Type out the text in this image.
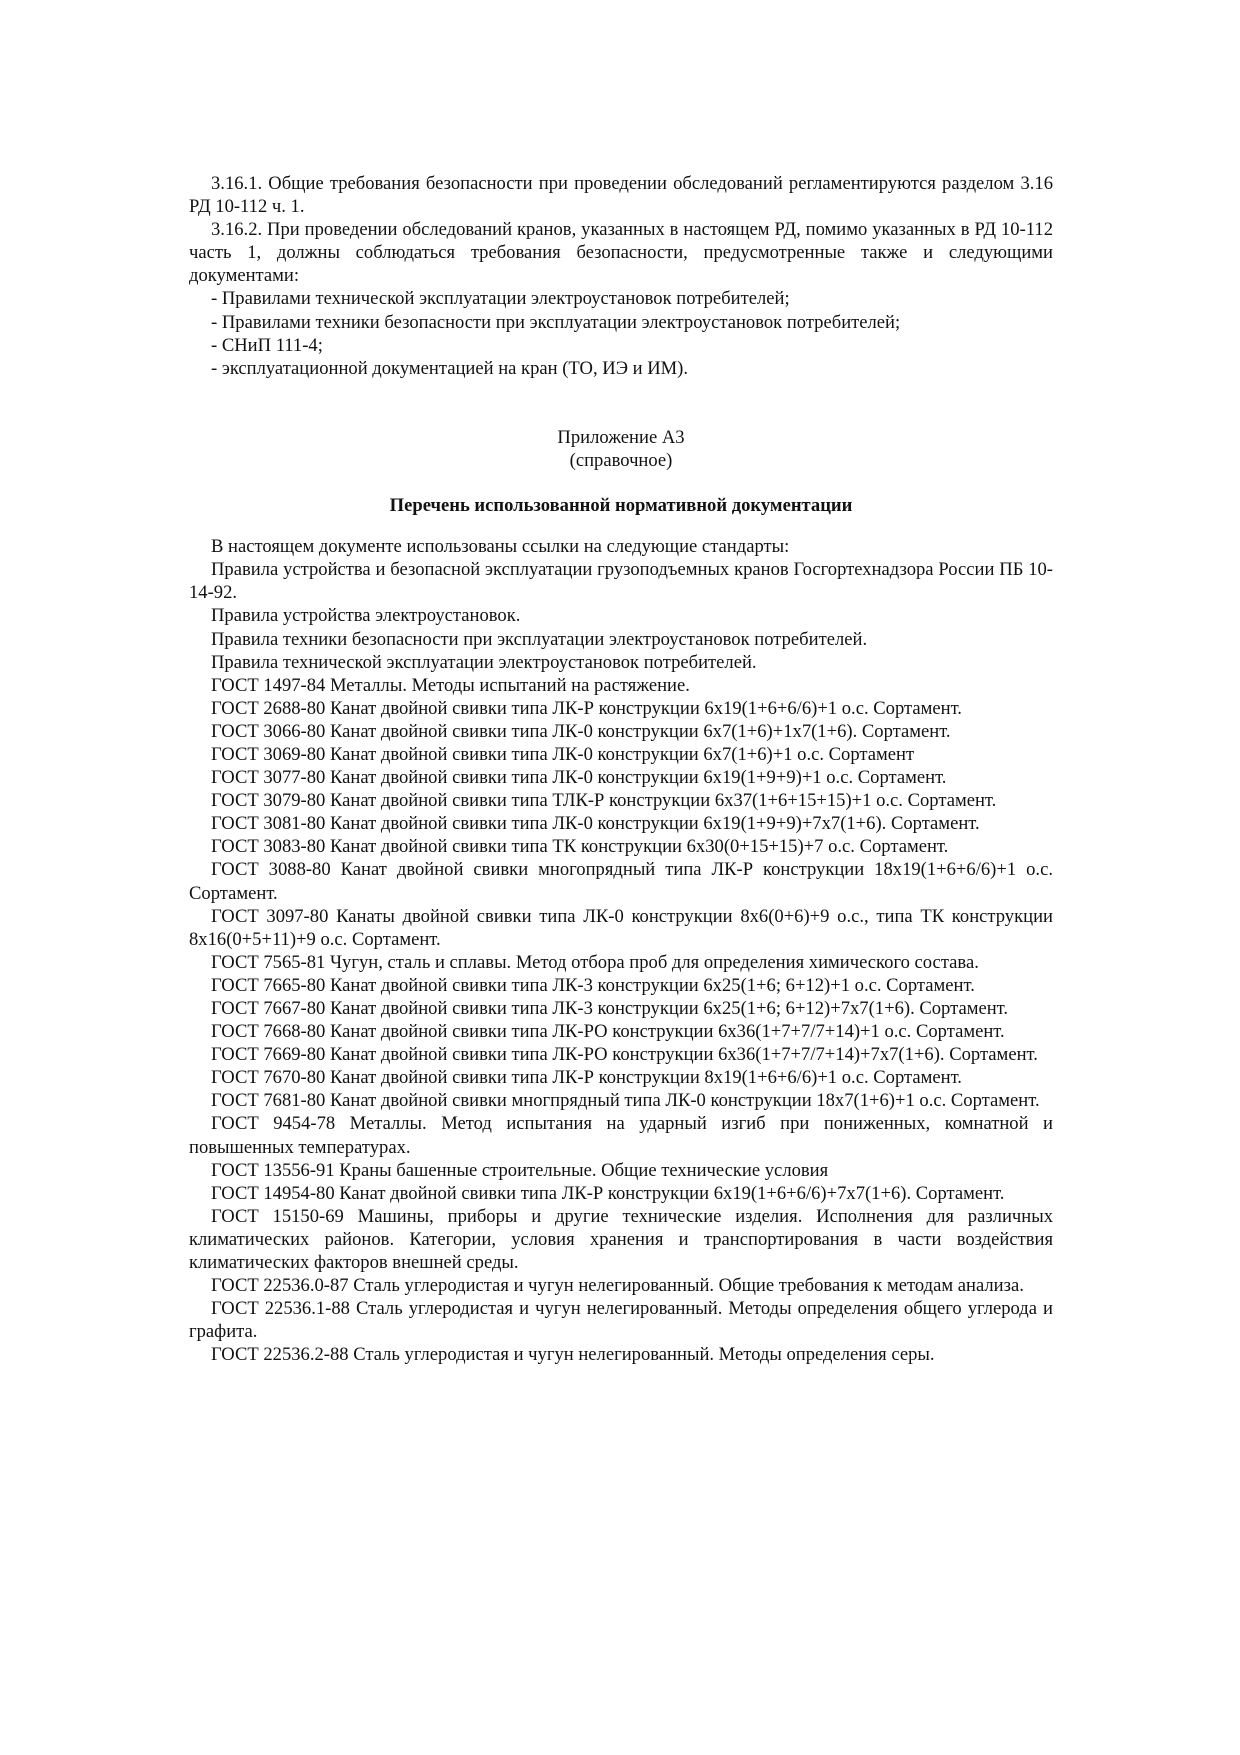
3.16.1. Общие требования безопасности при проведении обследований регламентируются разделом 3.16 РД 10-112 ч. 1.

3.16.2. При проведении обследований кранов, указанных в настоящем РД, помимо указанных в РД 10-112 часть 1, должны соблюдаться требования безопасности, предусмотренные также и следующими документами:

- Правилами технической эксплуатации электроустановок потребителей;

- Правилами техники безопасности при эксплуатации электроустановок потребителей;

- СНиП 111-4;

- эксплуатационной документацией на кран (ТО, ИЭ и ИМ).

Приложение А3

(справочное)

Перечень использованной нормативной документации

В настоящем документе использованы ссылки на следующие стандарты:

Правила устройства и безопасной эксплуатации грузоподъемных кранов Госгортехнадзора России ПБ 10-14-92.

Правила устройства электроустановок.

Правила техники безопасности при эксплуатации электроустановок потребителей.

Правила технической эксплуатации электроустановок потребителей.

ГОСТ 1497-84 Металлы. Методы испытаний на растяжение.

ГОСТ 2688-80 Канат двойной свивки типа ЛК-Р конструкции 6х19(1+6+6/6)+1 о.с. Сортамент.

ГОСТ 3066-80 Канат двойной свивки типа ЛК-0 конструкции 6х7(1+6)+1х7(1+6). Сортамент.

ГОСТ 3069-80 Канат двойной свивки типа ЛК-0 конструкции 6х7(1+6)+1 о.с. Сортамент

ГОСТ 3077-80 Канат двойной свивки типа ЛК-0 конструкции 6х19(1+9+9)+1 о.с. Сортамент.

ГОСТ 3079-80 Канат двойной свивки типа ТЛК-Р конструкции 6х37(1+6+15+15)+1 о.с. Сортамент.

ГОСТ 3081-80 Канат двойной свивки типа ЛК-0 конструкции 6х19(1+9+9)+7х7(1+6). Сортамент.

ГОСТ 3083-80 Канат двойной свивки типа ТК конструкции 6х30(0+15+15)+7 о.с. Сортамент.

ГОСТ 3088-80 Канат двойной свивки многопрядный типа ЛК-Р конструкции 18х19(1+6+6/6)+1 о.с. Сортамент.

ГОСТ 3097-80 Канаты двойной свивки типа ЛК-0 конструкции 8х6(0+6)+9 о.с., типа ТК конструкции 8х16(0+5+11)+9 о.с. Сортамент.

ГОСТ 7565-81 Чугун, сталь и сплавы. Метод отбора проб для определения химического состава.

ГОСТ 7665-80 Канат двойной свивки типа ЛК-3 конструкции 6х25(1+6; 6+12)+1 о.с. Сортамент.

ГОСТ 7667-80 Канат двойной свивки типа ЛК-3 конструкции 6х25(1+6; 6+12)+7х7(1+6). Сортамент.

ГОСТ 7668-80 Канат двойной свивки типа ЛК-РО конструкции 6х36(1+7+7/7+14)+1 о.с. Сортамент.

ГОСТ 7669-80 Канат двойной свивки типа ЛК-РО конструкции 6х36(1+7+7/7+14)+7х7(1+6). Сортамент.

ГОСТ 7670-80 Канат двойной свивки типа ЛК-Р конструкции 8х19(1+6+6/6)+1 о.с. Сортамент.

ГОСТ 7681-80 Канат двойной свивки многпрядный типа ЛК-0 конструкции 18х7(1+6)+1 о.с. Сортамент.

ГОСТ 9454-78 Металлы. Метод испытания на ударный изгиб при пониженных, комнатной и повышенных температурах.

ГОСТ 13556-91 Краны башенные строительные. Общие технические условия

ГОСТ 14954-80 Канат двойной свивки типа ЛК-Р конструкции 6х19(1+6+6/6)+7х7(1+6). Сортамент.

ГОСТ 15150-69 Машины, приборы и другие технические изделия. Исполнения для различных климатических районов. Категории, условия хранения и транспортирования в части воздействия климатических факторов внешней среды.

ГОСТ 22536.0-87 Сталь углеродистая и чугун нелегированный. Общие требования к методам анализа.

ГОСТ 22536.1-88 Сталь углеродистая и чугун нелегированный. Методы определения общего углерода и графита.

ГОСТ 22536.2-88 Сталь углеродистая и чугун нелегированный. Методы определения серы.
